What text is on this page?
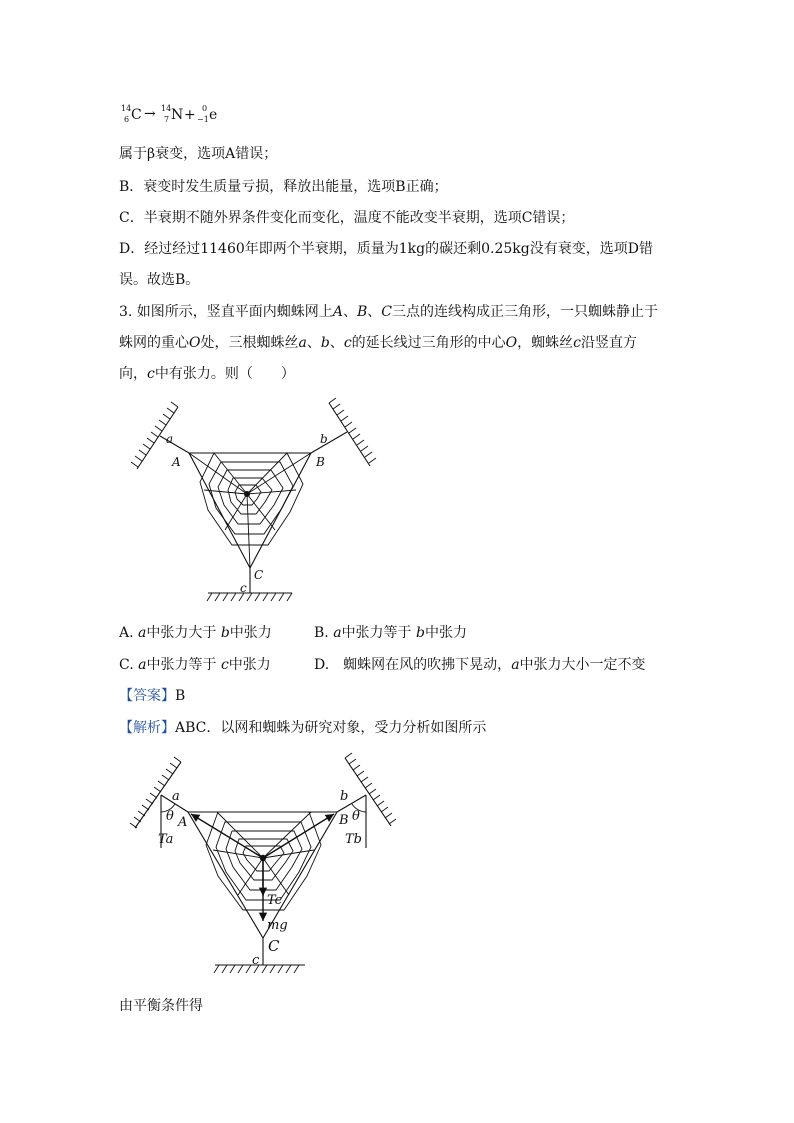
14
6 C → 14
7 N + 0
−1 e
属于β衰变，选项A错误；
B．衰变时发生质量亏损，释放出能量，选项B正确；
C．半衰期不随外界条件变化而变化，温度不能改变半衰期，选项C错误；
D．经过经过11460年即两个半衰期，质量为1kg的碳还剩0.25kg没有衰变，选项D错
误。故选B。
3. 如图所示，竖直平面内蜘蛛网上A、B、C三点的连线构成正三角形，一只蜘蛛静止于
蛛网的重心O处，三根蜘蛛丝a、b、c的延长线过三角形的中心O，蜘蛛丝c沿竖直方
向，c中有张力。则（　　）
a
A
b
B
C
c
A. a中张力大于 b中张力	B. a中张力等于 b中张力
C. a中张力等于 c中张力	D.　蜘蛛网在风的吹拂下晃动，a中张力大小一定不变
【答案】B
【解析】ABC．以网和蜘蛛为研究对象，受力分析如图所示
a
θ A
Ta
b
B θ
Tb
Tc
mg
C
c
由平衡条件得
